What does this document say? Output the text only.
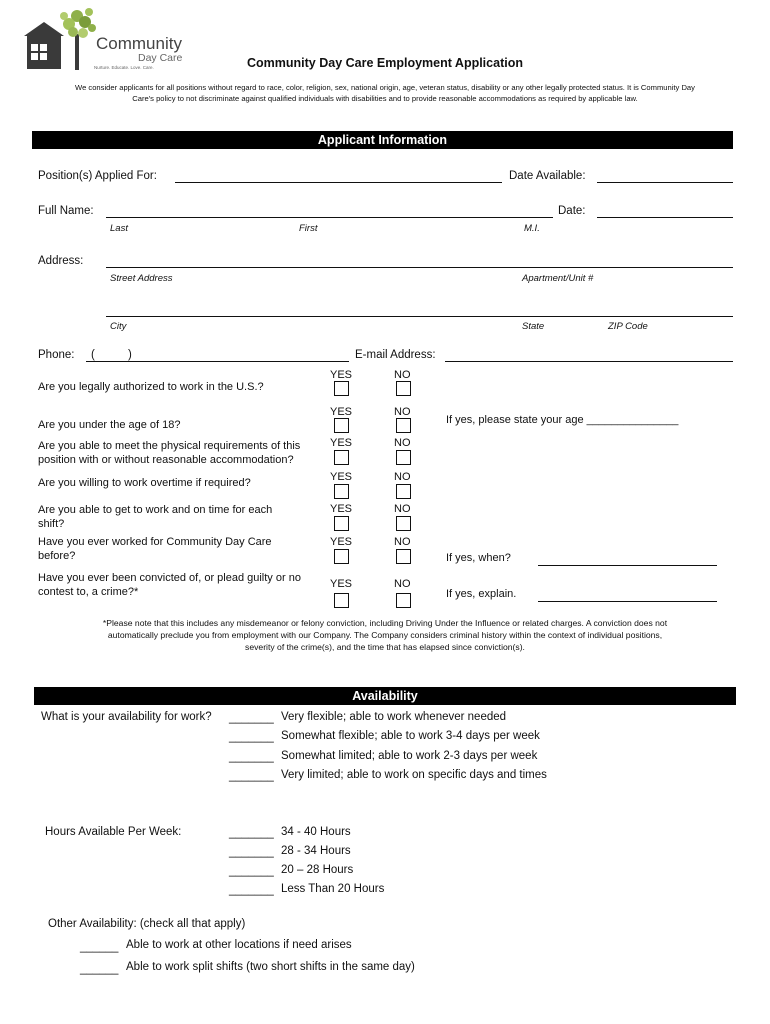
Community
Day Care
Nurture. Educate. Love. Care.	Community Day Care Employment Application
We consider applicants for all positions without regard to race, color, religion, sex, national origin, age, veteran status, disability or any other legally protected status. It is Community Day
Care's policy to not discriminate against qualified individuals with disabilities and to provide reasonable accommodations as required by applicable law.
Applicant Information
Position(s) Applied For:	Date Available:
Full Name:	Date:
Last	First	M.I.
Address:
Street Address	Apartment/Unit #
City	State	ZIP Code
Phone: (	)	E-mail Address:
Are you legally authorized to work in the U.S.?
YES	NO
Are you under the age of 18?
YES	NO
If yes, please state your age _______________
Are you able to meet the physical requirements of this position with or without reasonable accommodation?
YES	NO
Are you willing to work overtime if required?	YES	NO
Are you able to get to work and on time for each shift?
YES	NO
Have you ever worked for Community Day Care before?
YES	NO
If yes, when?
Have you ever been convicted of, or plead guilty or no contest to, a crime?*
YES	NO
If yes, explain.
*Please note that this includes any misdemeanor or felony conviction, including Driving Under the Influence or related charges. A conviction does not
automatically preclude you from employment with our Company. The Company considers criminal history within the context of individual positions,
severity of the crime(s), and the time that has elapsed since conviction(s).
Availability
What is your availability for work? _______ Very flexible; able to work whenever needed
_______ Somewhat flexible; able to work 3-4 days per week
_______ Somewhat limited; able to work 2-3 days per week
_______ Very limited; able to work on specific days and times
Hours Available Per Week:	_______ 34 - 40 Hours
_______ 28 - 34 Hours
_______ 20 – 28 Hours
_______ Less Than 20 Hours
Other Availability: (check all that apply)
______ Able to work at other locations if need arises
______ Able to work split shifts (two short shifts in the same day)
